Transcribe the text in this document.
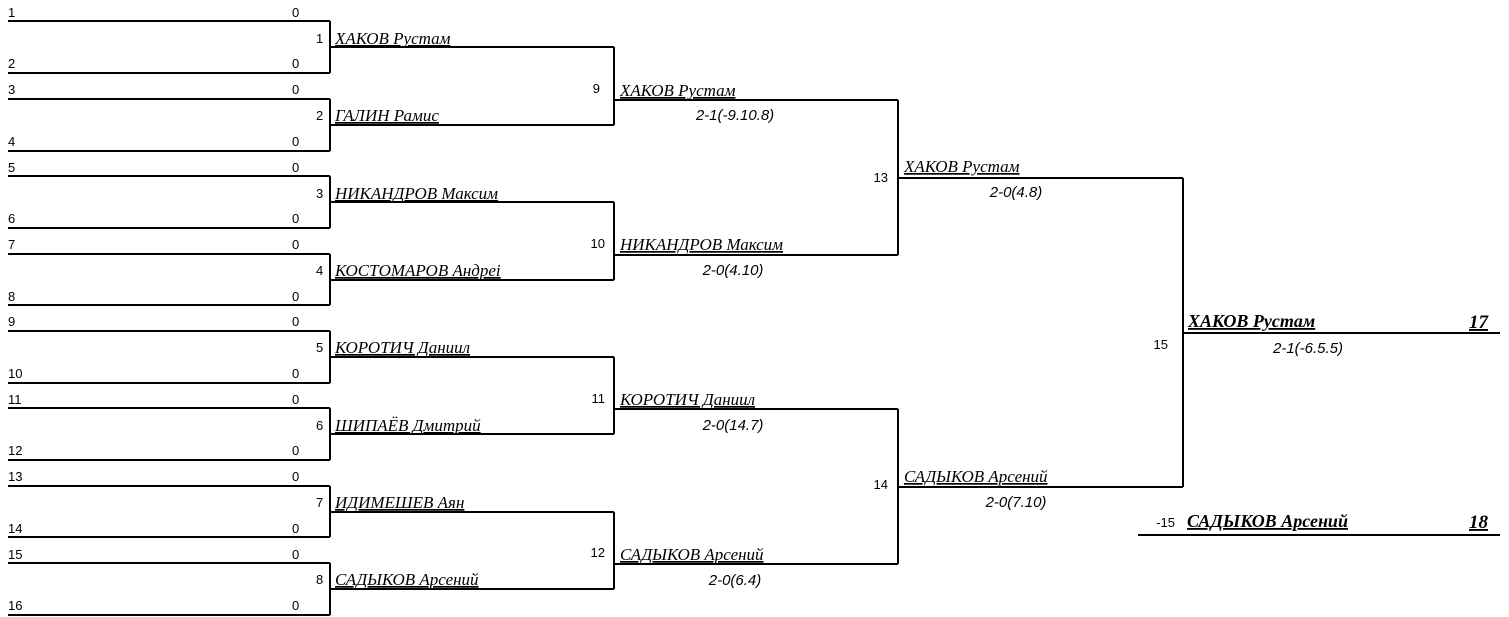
1	0
2	0
3	0
4	0
5	0
6	0
7	0
8	0
9	0
10	0
11	0
12	0
13	0
14	0
15	0
16	0
1 ХАКОВ Рустам
2 ГАЛИН Рамис
3 НИКАНДРОВ Максим
4 КОСТОМАРОВ Андреі
5 КОРОТИЧ Даниил
6 ШИПАЁВ Дмитрий
7 ИДИМЕШЕВ Аян
8 САДЫКОВ Арсений
9 ХАКОВ Рустам
2-1(-9.10.8)
10 НИКАНДРОВ Максим
2-0(4.10)
11 КОРОТИЧ Даниил
2-0(14.7)
12 САДЫКОВ Арсений
2-0(6.4)
13
ХАКОВ Рустам
2-0(4.8)
14 САДЫКОВ Арсений
2-0(7.10)
15
ХАКОВ Рустам
2-1(-6.5.5)
17
-15 САДЫКОВ Арсений	18
